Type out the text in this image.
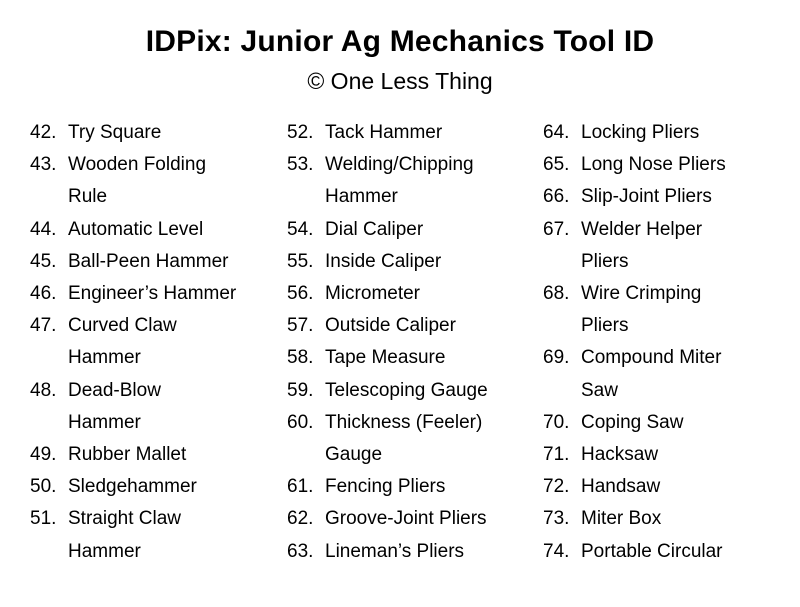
IDPix: Junior Ag Mechanics Tool ID
© One Less Thing
42. Try Square
43. Wooden Folding
Rule
44. Automatic Level
45. Ball-Peen Hammer
46. Engineer’s Hammer
47. Curved Claw
Hammer
48. Dead-Blow
Hammer
49. Rubber Mallet
50. Sledgehammer
51. Straight Claw
Hammer
52. Tack Hammer
53. Welding/Chipping
Hammer
54. Dial Caliper
55. Inside Caliper
56. Micrometer
57. Outside Caliper
58. Tape Measure
59. Telescoping Gauge
60. Thickness (Feeler)
Gauge
61. Fencing Pliers
62. Groove-Joint Pliers
63. Lineman’s Pliers
64. Locking Pliers
65. Long Nose Pliers
66. Slip-Joint Pliers
67. Welder Helper
Pliers
68. Wire Crimping
Pliers
69. Compound Miter
Saw
70. Coping Saw
71. Hacksaw
72. Handsaw
73. Miter Box
74. Portable Circular
